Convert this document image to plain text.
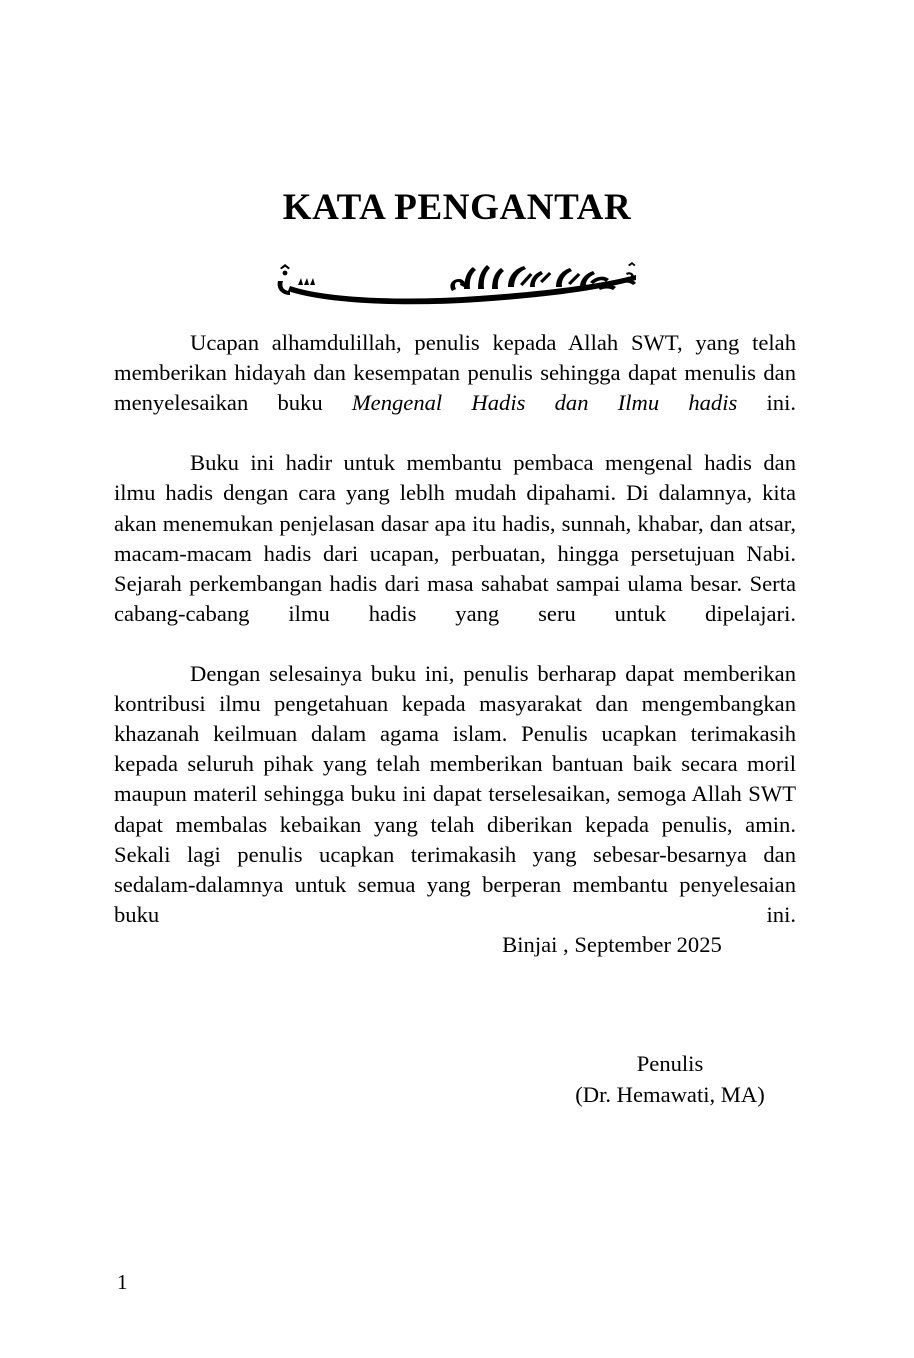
KATA PENGANTAR

Ucapan alhamdulillah, penulis kepada Allah SWT, yang telah memberikan hidayah dan kesempatan penulis sehingga dapat menulis dan menyelesaikan buku Mengenal Hadis dan Ilmu hadis ini.

Buku ini hadir untuk membantu pembaca mengenal hadis dan ilmu hadis dengan cara yang leblh mudah dipahami. Di dalamnya, kita akan menemukan penjelasan dasar apa itu hadis, sunnah, khabar, dan atsar, macam-macam hadis dari ucapan, perbuatan, hingga persetujuan Nabi. Sejarah perkembangan hadis dari masa sahabat sampai ulama besar. Serta cabang-cabang ilmu hadis yang seru untuk dipelajari.

Dengan selesainya buku ini, penulis berharap dapat memberikan kontribusi ilmu pengetahuan kepada masyarakat dan mengembangkan khazanah keilmuan dalam agama islam. Penulis ucapkan terimakasih kepada seluruh pihak yang telah memberikan bantuan baik secara moril maupun materil sehingga buku ini dapat terselesaikan, semoga Allah SWT dapat membalas kebaikan yang telah diberikan kepada penulis, amin. Sekali lagi penulis ucapkan terimakasih yang sebesar-besarnya dan sedalam-dalamnya untuk semua yang berperan membantu penyelesaian buku ini.

Binjai , September 2025
Penulis
(Dr. Hemawati, MA)
1
